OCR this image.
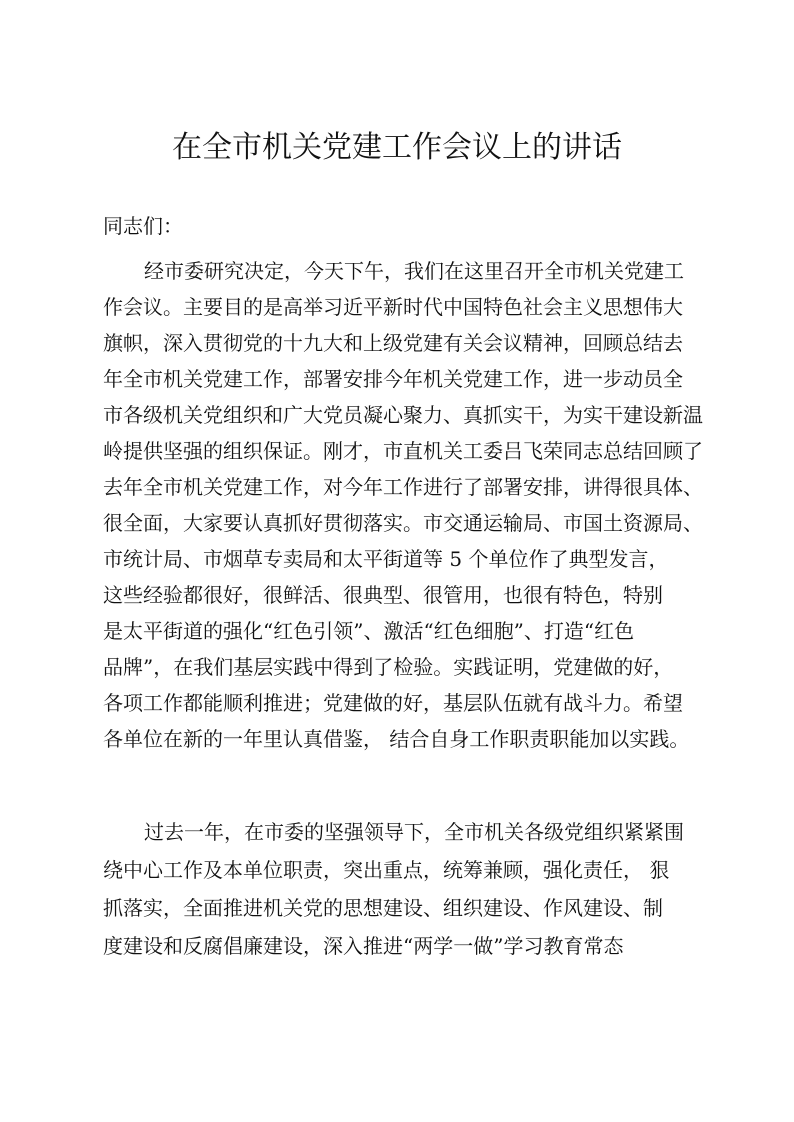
在全市机关党建工作会议上的讲话

同志们：

经市委研究决定，今天下午，我们在这里召开全市机关党建工

作会议。主要目的是高举习近平新时代中国特色社会主义思想伟大

旗帜，深入贯彻党的十九大和上级党建有关会议精神，回顾总结去

年全市机关党建工作，部署安排今年机关党建工作，进一步动员全

市各级机关党组织和广大党员凝心聚力、真抓实干，为实干建设新温

岭提供坚强的组织保证。刚才，市直机关工委吕飞荣同志总结回顾了

去年全市机关党建工作，对今年工作进行了部署安排，讲得很具体、

很全面，大家要认真抓好贯彻落实。市交通运输局、市国土资源局、

市统计局、市烟草专卖局和太平街道等 5 个单位作了典型发言，

这些经验都很好，很鲜活、很典型、很管用，也很有特色，特别

是太平街道的强化“红色引领”、激活“红色细胞”、打造“红色

品牌”，在我们基层实践中得到了检验。实践证明，党建做的好，

各项工作都能顺利推进；党建做的好，基层队伍就有战斗力。希望

各单位在新的一年里认真借鉴， 结合自身工作职责职能加以实践。

过去一年，在市委的坚强领导下，全市机关各级党组织紧紧围

绕中心工作及本单位职责，突出重点，统筹兼顾，强化责任， 狠

抓落实，全面推进机关党的思想建设、组织建设、作风建设、制

度建设和反腐倡廉建设，深入推进“两学一做”学习教育常态
